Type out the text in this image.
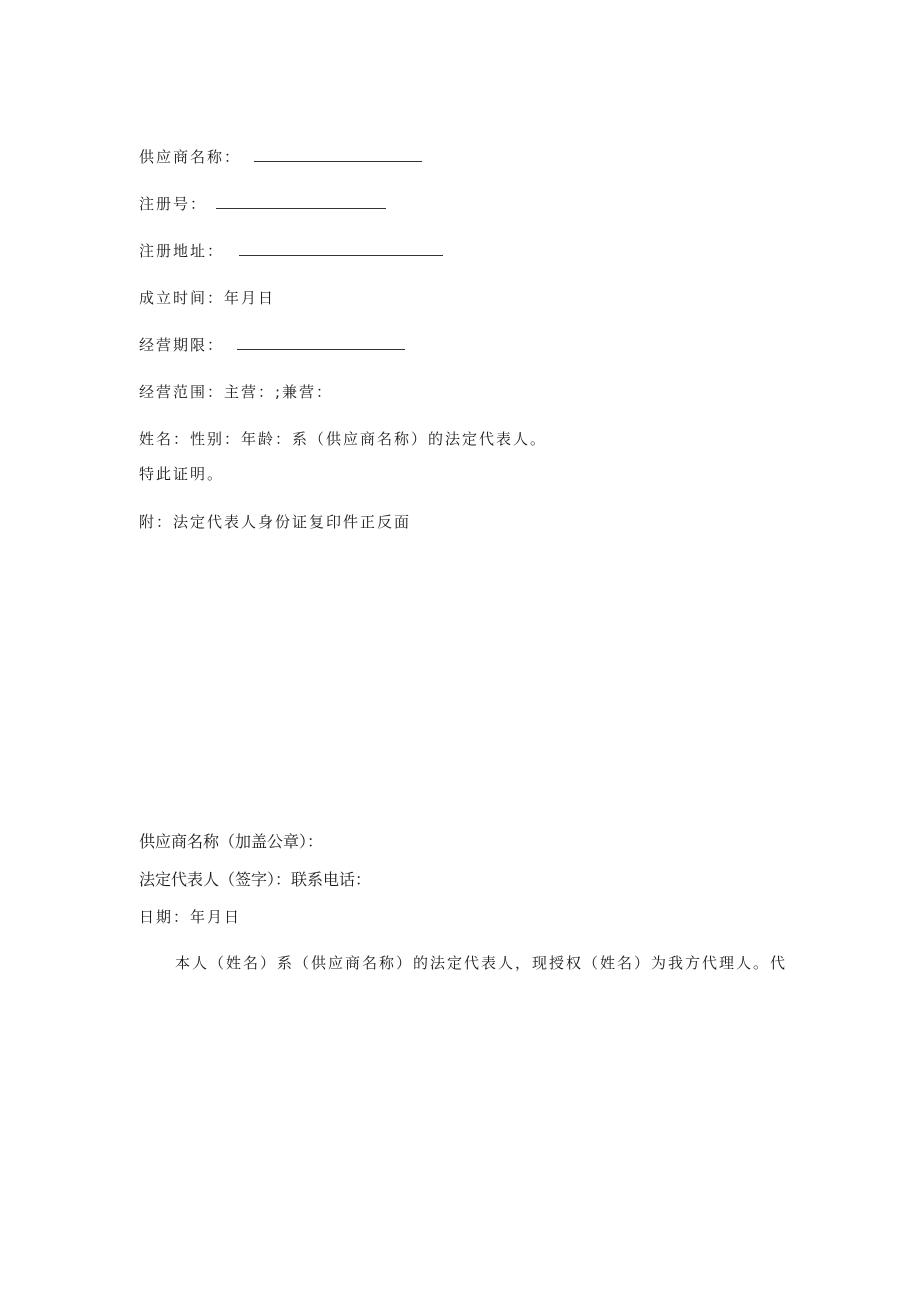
供应商名称：
注册号：
注册地址：
成立时间：年月日
经营期限：
经营范围：主营：;兼营：
姓名：性别：年龄：系（供应商名称）的法定代表人。
特此证明。
附：法定代表人身份证复印件正反面
供应商名称（加盖公章）：
法定代表人（签字）：联系电话：
日期：年月日
本人（姓名）系（供应商名称）的法定代表人，现授权（姓名）为我方代理人。代
